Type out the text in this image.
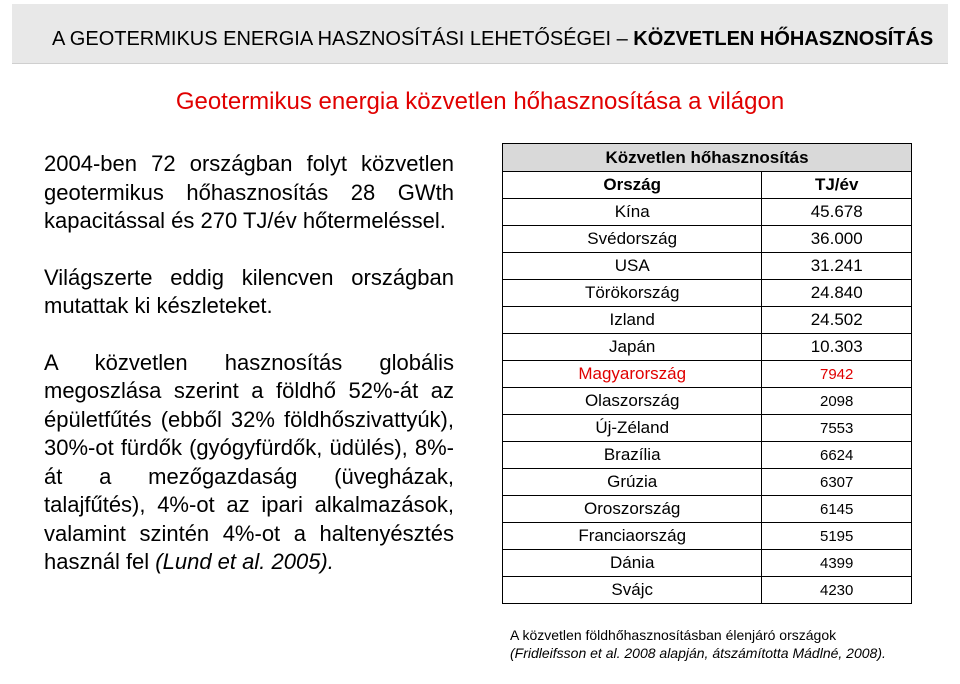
A GEOTERMIKUS ENERGIA HASZNOSÍTÁSI LEHETŐSÉGEI – KÖZVETLEN HŐHASZNOSÍTÁS
Geotermikus energia közvetlen hőhasznosítása a világon

2004-ben 72 országban folyt közvetlen geotermikus hőhasznosítás 28 GWth kapacitással és 270 TJ/év hőtermeléssel.

Világszerte eddig kilencven országban mutattak ki készleteket.

A közvetlen hasznosítás globális megoszlása szerint a földhő 52%-át az épületfűtés (ebből 32% földhőszivattyúk), 30%-ot fürdők (gyógyfürdők, üdülés), 8%-át a mezőgazdaság (üvegházak, talajfűtés), 4%-ot az ipari alkalmazások, valamint szintén 4%-ot a haltenyésztés használ fel (Lund et al. 2005).

Közvetlen hőhasznosítás	
Ország	TJ/év
Kína	45.678
Svédország	36.000
USA	31.241
Törökország	24.840
Izland	24.502
Japán	10.303
Magyarország	7942
Olaszország	2098
Új-Zéland	7553
Brazília	6624
Grúzia	6307
Oroszország	6145
Franciaország	5195
Dánia	4399
Svájc	4230
A közvetlen földhőhasznosításban élenjáró országok
(Fridleifsson et al. 2008 alapján, átszámította Mádlné, 2008).
